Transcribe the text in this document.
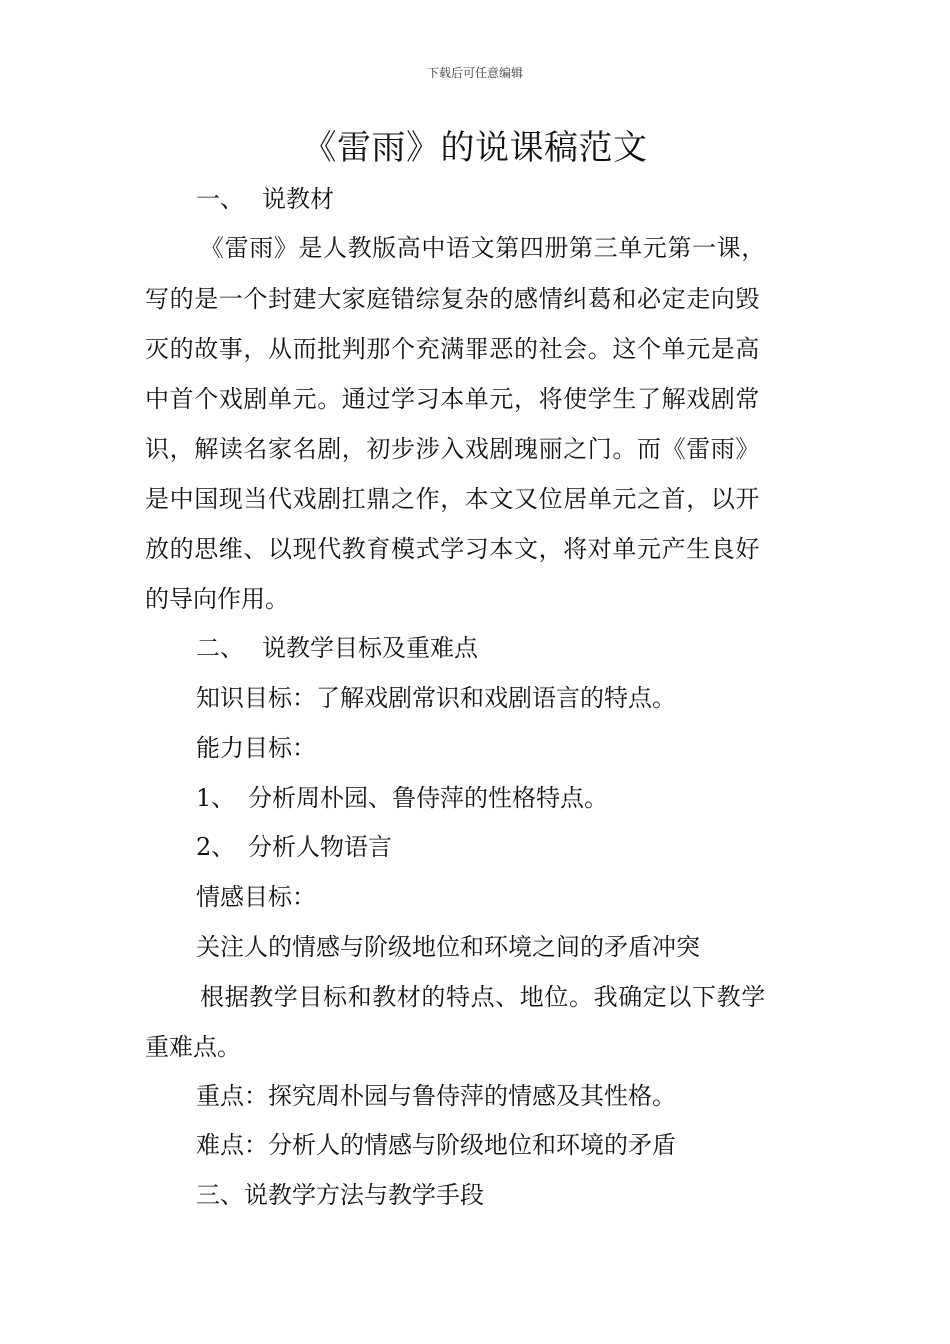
下载后可任意编辑
《雷雨》的说课稿范文
一、 说教材
《雷雨》是人教版高中语文第四册第三单元第一课，
写的是一个封建大家庭错综复杂的感情纠葛和必定走向毁
灭的故事，从而批判那个充满罪恶的社会。这个单元是高
中首个戏剧单元。通过学习本单元，将使学生了解戏剧常
识，解读名家名剧，初步涉入戏剧瑰丽之门。而《雷雨》
是中国现当代戏剧扛鼎之作，本文又位居单元之首，以开
放的思维、以现代教育模式学习本文，将对单元产生良好
的导向作用。
二、 说教学目标及重难点
知识目标：了解戏剧常识和戏剧语言的特点。
能力目标：
1、 分析周朴园、鲁侍萍的性格特点。
2、 分析人物语言
情感目标：
关注人的情感与阶级地位和环境之间的矛盾冲突
根据教学目标和教材的特点、地位。我确定以下教学
重难点。
重点：探究周朴园与鲁侍萍的情感及其性格。
难点：分析人的情感与阶级地位和环境的矛盾
三、说教学方法与教学手段
